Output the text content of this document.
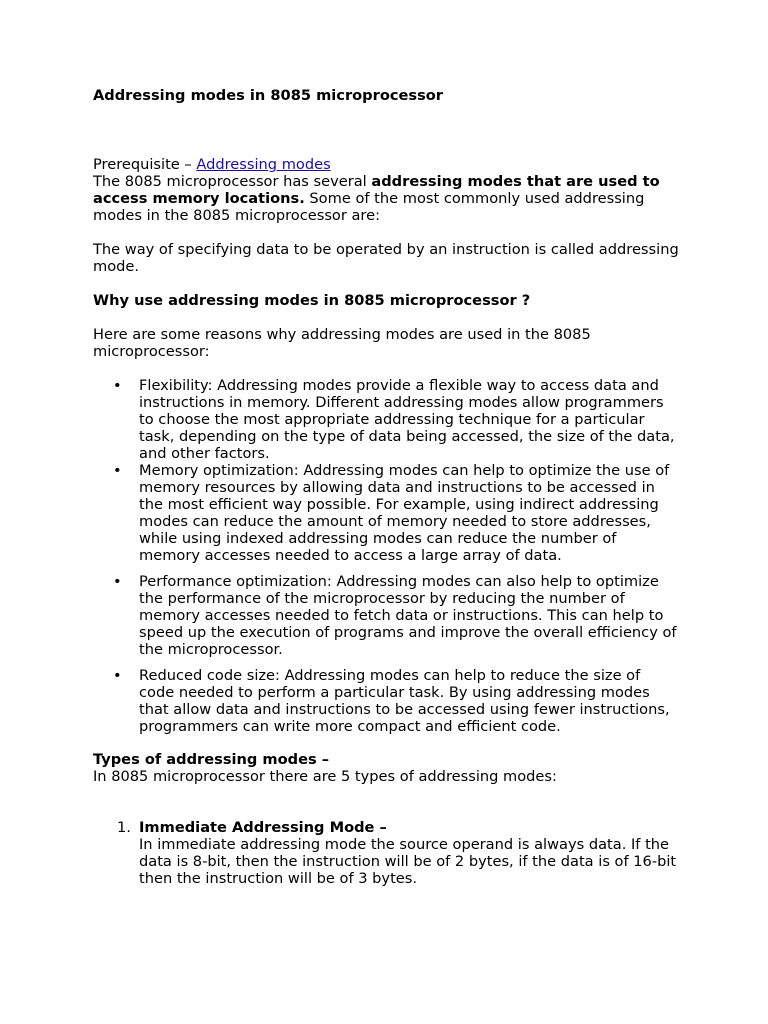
Addressing modes in 8085 microprocessor

Prerequisite – Addressing modes

The 8085 microprocessor has several addressing modes that are used to access memory locations. Some of the most commonly used addressing modes in the 8085 microprocessor are:

The way of specifying data to be operated by an instruction is called addressing mode.

Why use addressing modes in 8085 microprocessor ?

Here are some reasons why addressing modes are used in the 8085 microprocessor:

• Flexibility: Addressing modes provide a flexible way to access data and instructions in memory. Different addressing modes allow programmers to choose the most appropriate addressing technique for a particular task, depending on the type of data being accessed, the size of the data, and other factors.
• Memory optimization: Addressing modes can help to optimize the use of memory resources by allowing data and instructions to be accessed in the most efficient way possible. For example, using indirect addressing modes can reduce the amount of memory needed to store addresses, while using indexed addressing modes can reduce the number of memory accesses needed to access a large array of data.
• Performance optimization: Addressing modes can also help to optimize the performance of the microprocessor by reducing the number of memory accesses needed to fetch data or instructions. This can help to speed up the execution of programs and improve the overall efficiency of the microprocessor.
• Reduced code size: Addressing modes can help to reduce the size of code needed to perform a particular task. By using addressing modes that allow data and instructions to be accessed using fewer instructions, programmers can write more compact and efficient code.

Types of addressing modes –

In 8085 microprocessor there are 5 types of addressing modes:

1. Immediate Addressing Mode –

In immediate addressing mode the source operand is always data. If the data is 8-bit, then the instruction will be of 2 bytes, if the data is of 16-bit then the instruction will be of 3 bytes.
